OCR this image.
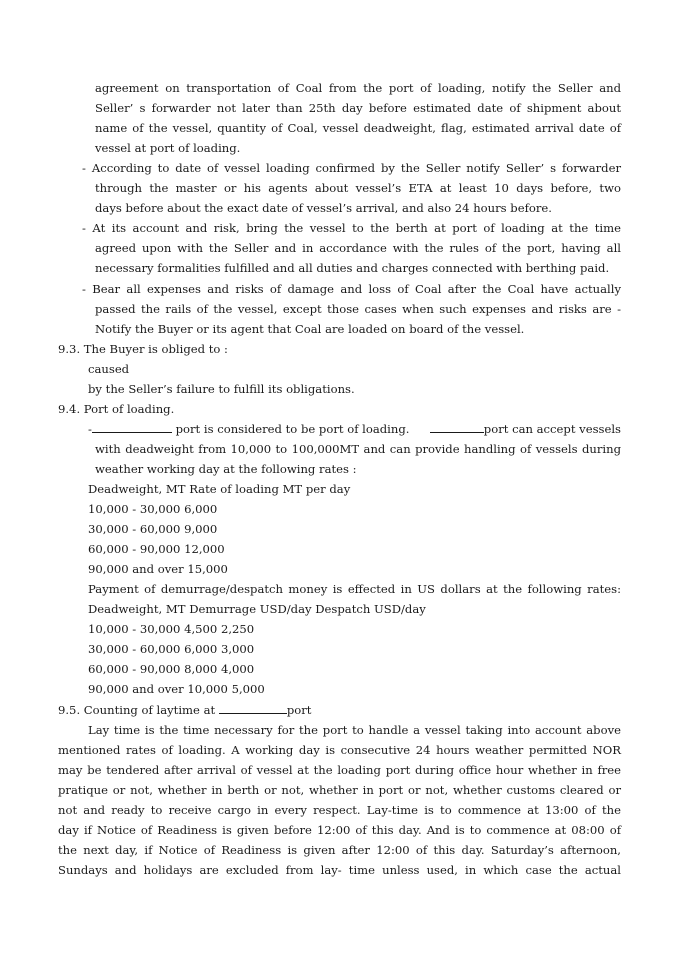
agreement on transportation of Coal from the port of loading, notify the Seller and
Seller’ s forwarder not later than 25th day before estimated date of shipment about
name of the vessel, quantity of Coal, vessel deadweight, flag, estimated arrival date of
vessel at port of loading.
- According to date of vessel loading confirmed by the Seller notify Seller’ s forwarder
through the master or his agents about vessel’s ETA at least 10 days before, two
days before about the exact date of vessel’s arrival, and also 24 hours before.
- At its account and risk, bring the vessel to the berth at port of loading at the time
agreed upon with the Seller and in accordance with the rules of the port, having all
necessary formalities fulfilled and all duties and charges connected with berthing paid.
- Bear all expenses and risks of damage and loss of Coal after the Coal have actually
passed the rails of the vessel, except those cases when such expenses and risks are -
Notify the Buyer or its agent that Coal are loaded on board of the vessel.
9.3. The Buyer is obliged to :
caused
by the Seller’s failure to fulfill its obligations.
9.4. Port of loading.
-	port is considered to be port of loading.	port can accept vessels
with deadweight from 10,000 to 100,000MT and can provide handling of vessels during
weather working day at the following rates :
Deadweight, MT Rate of loading MT per day
10,000 - 30,000 6,000
30,000 - 60,000 9,000
60,000 - 90,000 12,000
90,000 and over 15,000
Payment of demurrage/despatch money is effected in US dollars at the following rates:
Deadweight, MT Demurrage USD/day Despatch USD/day
10,000 - 30,000 4,500 2,250
30,000 - 60,000 6,000 3,000
60,000 - 90,000 8,000 4,000
90,000 and over 10,000 5,000
9.5. Counting of laytime at	port
Lay time is the time necessary for the port to handle a vessel taking into account above
mentioned rates of loading. A working day is consecutive 24 hours weather permitted NOR
may be tendered after arrival of vessel at the loading port during office hour whether in free
pratique or not, whether in berth or not, whether in port or not, whether customs cleared or
not and ready to receive cargo in every respect. Lay-time is to commence at 13:00 of the
day if Notice of Readiness is given before 12:00 of this day. And is to commence at 08:00 of
the next day, if Notice of Readiness is given after 12:00 of this day. Saturday’s afternoon,
Sundays and holidays are excluded from lay- time unless used, in which case the actual
